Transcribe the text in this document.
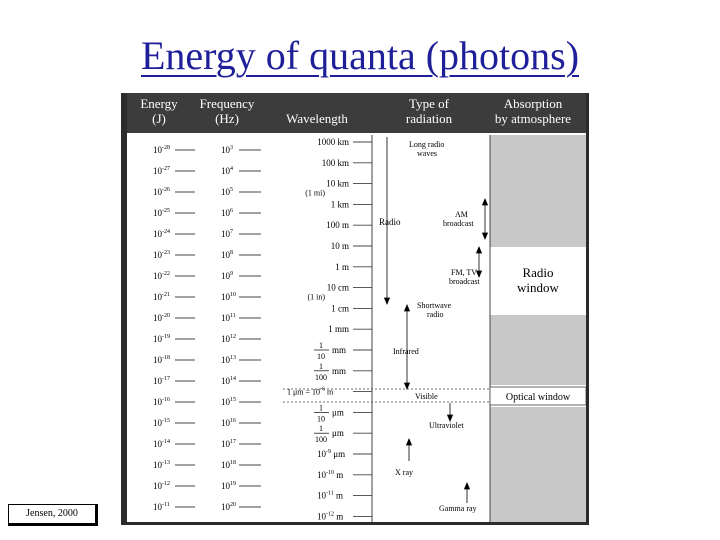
Energy of quanta (photons)
Energy
(J)
Frequency
(Hz)	Wavelength
Type of
radiation
Absorption
by atmosphere
Radio
window
Optical window
$10^{-28}$
$10^{-27}$
$10^{-26}$
$10^{-25}$
$10^{-24}$
$10^{-23}$
$10^{-22}$
$10^{-21}$
$10^{-20}$
$10^{-19}$
$10^{-18}$
$10^{-17}$
$10^{-16}$
$10^{-15}$
$10^{-14}$
$10^{-13}$
$10^{-12}$
$10^{-11}$
$10^3$
$10^4$
$10^5$
$10^6$
$10^7$
$10^8$
$10^9$
$10^{10}$
$10^{11}$
$10^{12}$
$10^{13}$
$10^{14}$
$10^{15}$
$10^{16}$
$10^{17}$
$10^{18}$
$10^{19}$
$10^{20}$
1000 km
100 km
10 km
(1 mi)
1 km
100 m
10 m
1 m
10 cm
(1 in)
1 cm
1 mm
1
10
mm
1
100
mm
1 $\mu m = 10^{-6}$ m
1
10
μm
1
100
μm
$10^{-9}$ μm
$10^{-10}$ m
$10^{-11}$ m
$10^{-12}$ m
Long radio
waves
Radio
AM
broadcast
FM, TV
broadcast
Shortwave
radio
Infrared
Visible
Ultraviolet
X ray
Gamma ray
Jensen, 2000
